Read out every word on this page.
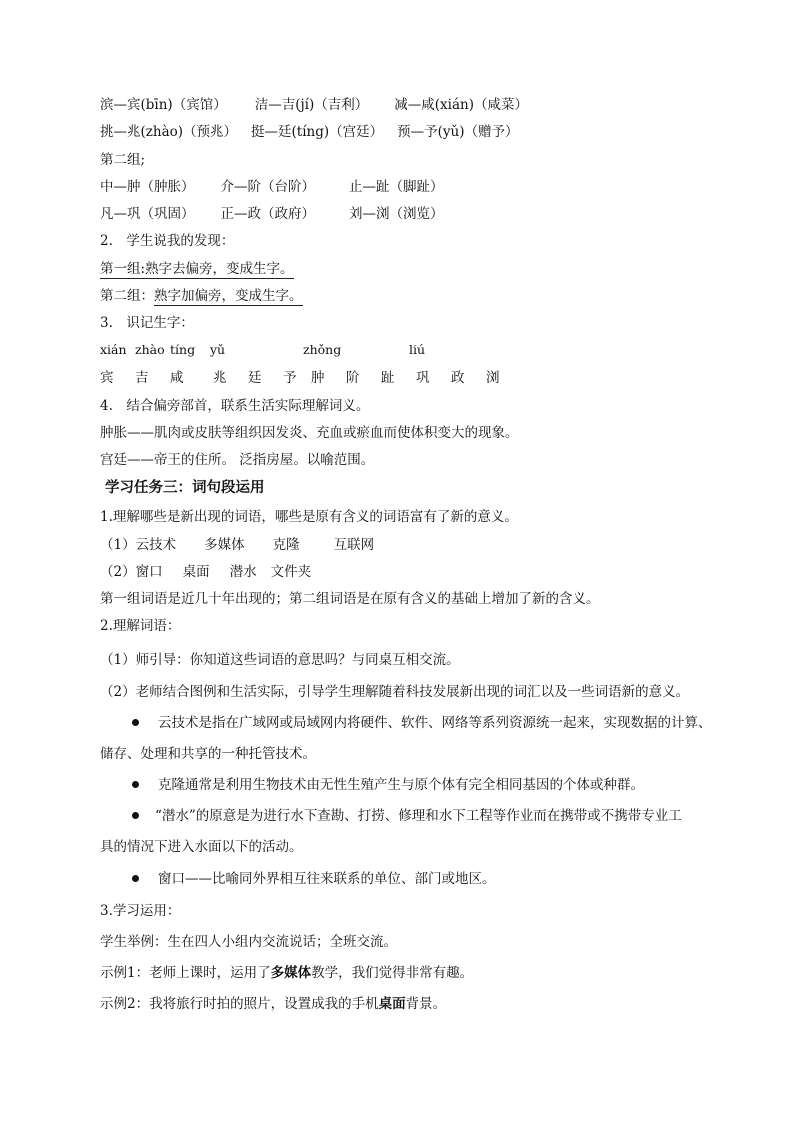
滨—宾(bīn)（宾馆） 洁—吉(jí)（吉利） 减—咸(xián)（咸菜）
挑—兆(zhào)（预兆） 挺—廷(tíng)（宫廷） 预—予(yǔ)（赠予）
第二组;
中—肿（肿胀） 介—阶（台阶）	止—趾（脚趾）
凡—巩（巩固） 正—政（政府）	刘—浏（浏览）
2.　学生说我的发现：
第一组:熟字去偏旁，变成生字。
第二组：熟字加偏旁，变成生字。
3.　识记生字：
xián zhào tíng yǔ	zhǒng	liú
宾 吉 咸 兆 廷 予 肿 阶 趾 巩 政 浏
4.　结合偏旁部首，联系生活实际理解词义。
肿胀——肌肉或皮肤等组织因发炎、充血或瘀血而使体积变大的现象。
宫廷——帝王的住所。 泛指房屋。以喻范围。
学习任务三：词句段运用
1.理解哪些是新出现的词语，哪些是原有含义的词语富有了新的意义。
（1）云技术 多媒体 克隆	互联网
（2）窗口 桌面 潜水 文件夹
第一组词语是近几十年出现的；第二组词语是在原有含义的基础上增加了新的含义。
2.理解词语：
（1）师引导：你知道这些词语的意思吗？与同桌互相交流。
（2）老师结合图例和生活实际，引导学生理解随着科技发展新出现的词汇以及一些词语新的意义。
云技术是指在广域网或局域网内将硬件、软件、网络等系列资源统一起来，实现数据的计算、
储存、处理和共享的一种托管技术。
克隆通常是利用生物技术由无性生殖产生与原个体有完全相同基因的个体或种群。
“潜水”的原意是为进行水下查勘、打捞、修理和水下工程等作业而在携带或不携带专业工
具的情况下进入水面以下的活动。
窗口——比喻同外界相互往来联系的单位、部门或地区。
3.学习运用：
学生举例：生在四人小组内交流说话；全班交流。
示例1：老师上课时，运用了多媒体教学，我们觉得非常有趣。
示例2：我将旅行时拍的照片，设置成我的手机桌面背景。
